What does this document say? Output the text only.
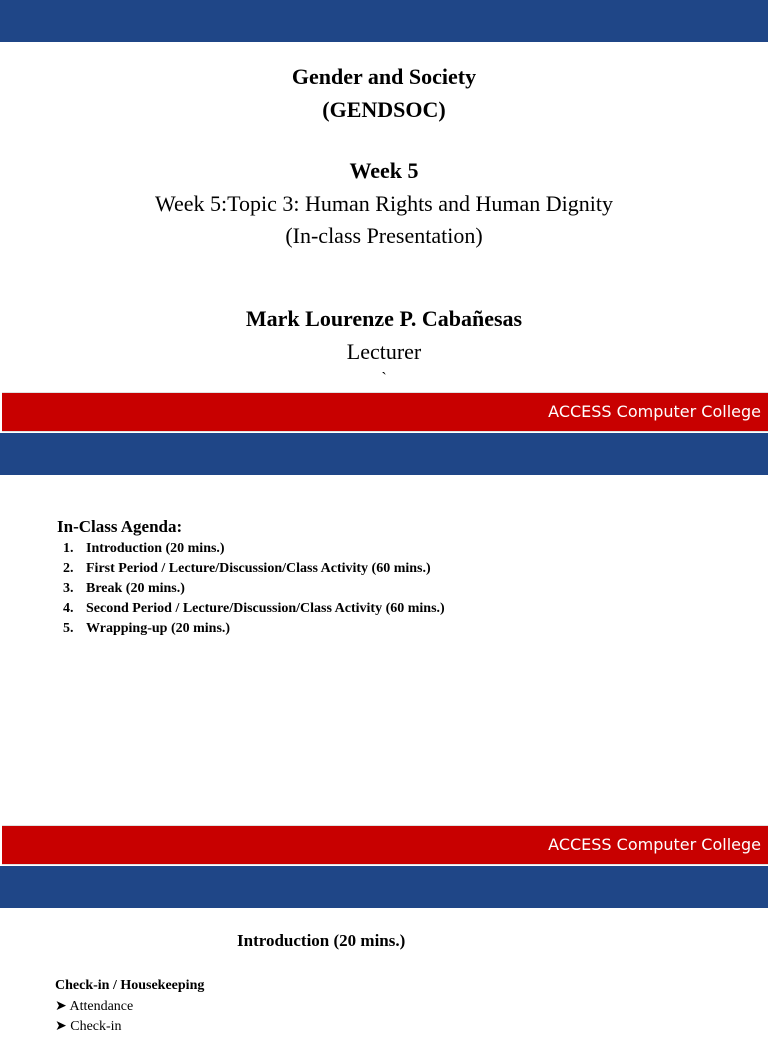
Gender and Society
(GENDSOC)
Week 5
Week 5:Topic 3: Human Rights and Human Dignity
(In-class Presentation)
Mark Lourenze P. Cabañesas
Lecturer
`
ACCESS Computer College
In-Class Agenda:
1. Introduction (20 mins.)
2. First Period / Lecture/Discussion/Class Activity (60 mins.)
3. Break (20 mins.)
4. Second Period / Lecture/Discussion/Class Activity (60 mins.)
5. Wrapping-up (20 mins.)
ACCESS Computer College
Introduction (20 mins.)
Check-in / Housekeeping
➤ Attendance
➤ Check-in
